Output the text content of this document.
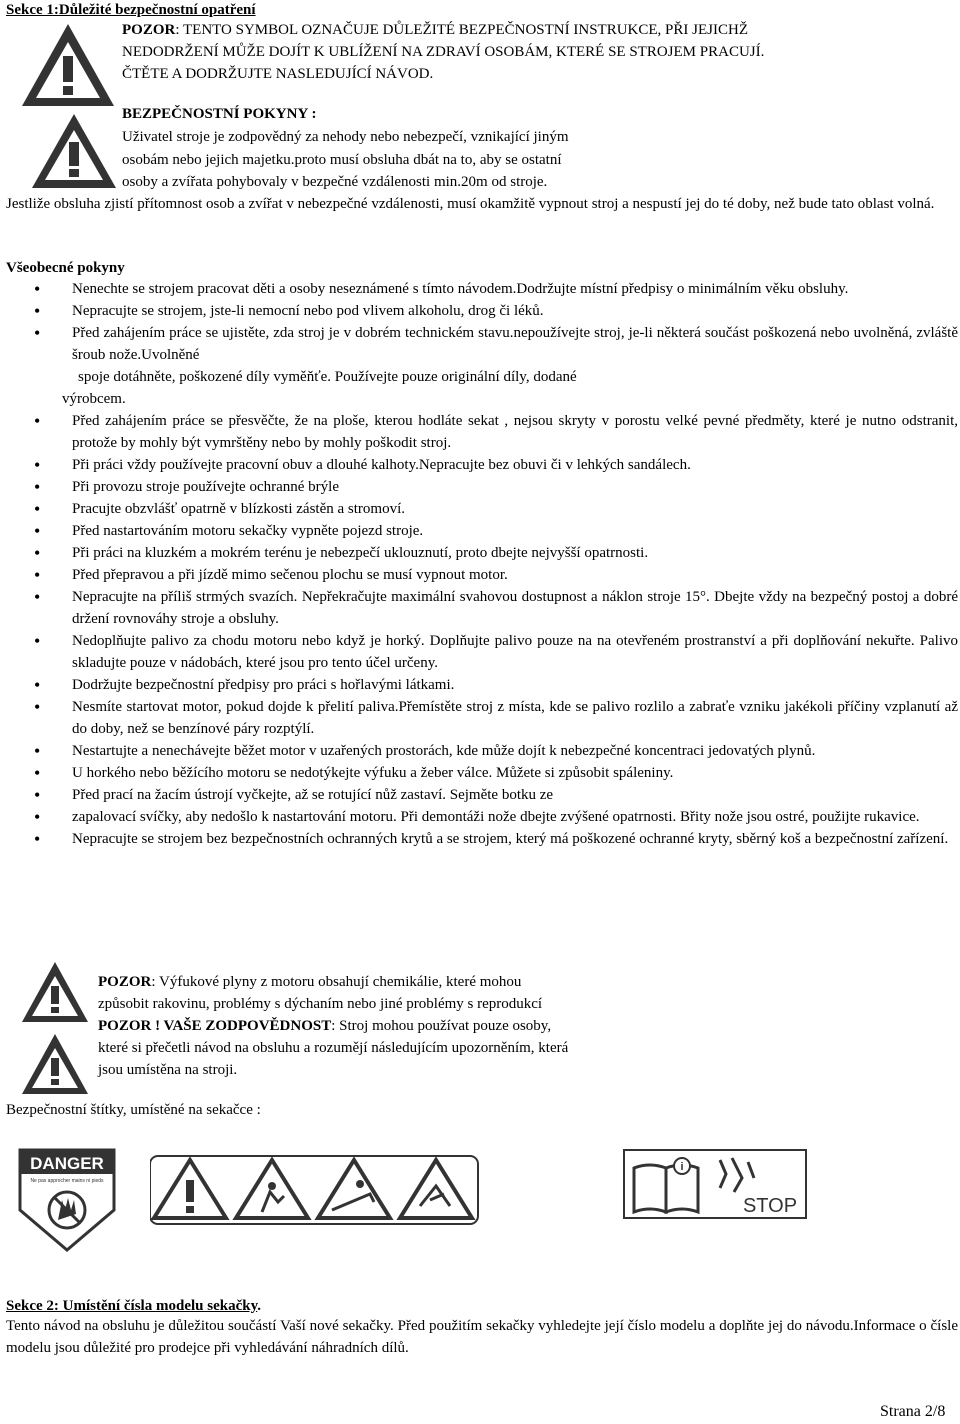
Sekce 1:Důležité bezpečnostní opatření
POZOR: TENTO SYMBOL OZNAČUJE DŮLEŽITÉ BEZPEČNOSTNÍ INSTRUKCE, PŘI JEJICHŽ
NEDODRŽENÍ MŮŽE DOJÍT K UBLÍŽENÍ NA ZDRAVÍ OSOBÁM, KTERÉ SE STROJEM PRACUJÍ.
ČTĚTE A DODRŽUJTE NASLEDUJÍCÍ NÁVOD.
BEZPEČNOSTNÍ POKYNY :
Uživatel stroje je zodpovědný za nehody nebo nebezpečí, vznikající jiným
osobám nebo jejich majetku.proto musí obsluha dbát na to, aby se ostatní
osoby a zvířata pohybovaly v bezpečné vzdálenosti min.20m od stroje.
Jestliže obsluha zjistí přítomnost osob a zvířat v nebezpečné vzdálenosti, musí okamžitě vypnout stroj a nespustí jej do té doby, než bude tato oblast volná.
Všeobecné pokyny
• Nenechte se strojem pracovat děti a osoby neseznámené s tímto návodem.Dodržujte místní předpisy o minimálním věku obsluhy.
• Nepracujte se strojem, jste-li nemocní nebo pod vlivem alkoholu, drog či léků.
• Před zahájením práce se ujistěte, zda stroj je v dobrém technickém stavu.nepoužívejte stroj, je-li některá součást poškozená nebo uvolněná, zvláště šroub nože.Uvolněné
spoje dotáhněte, poškozené díly vyměňťe. Používejte pouze originální díly, dodané
výrobcem.
• Před zahájením práce se přesvěčte, že na ploše, kterou hodláte sekat , nejsou skryty v porostu velké pevné předměty, které je nutno odstranit, protože by mohly být vymrštěny nebo by mohly poškodit stroj.
• Při práci vždy používejte pracovní obuv a dlouhé kalhoty.Nepracujte bez obuvi či v lehkých sandálech.
• Při provozu stroje používejte ochranné brýle
• Pracujte obzvlášť opatrně v blízkosti zástěn a stromoví.
• Před nastartováním motoru sekačky vypněte pojezd stroje.
• Při práci na kluzkém a mokrém terénu je nebezpečí uklouznutí, proto dbejte nejvyšší opatrnosti.
• Před přepravou a při jízdě mimo sečenou plochu se musí vypnout motor.
• Nepracujte na příliš strmých svazích. Nepřekračujte maximální svahovou dostupnost a náklon stroje 15°. Dbejte vždy na bezpečný postoj a dobré držení rovnováhy stroje a obsluhy.
• Nedoplňujte palivo za chodu motoru nebo když je horký. Doplňujte palivo pouze na na otevřeném prostranství a při doplňování nekuřte. Palivo skladujte pouze v nádobách, které jsou pro tento účel určeny.
• Dodržujte bezpečnostní předpisy pro práci s hořlavými látkami.
• Nesmíte startovat motor, pokud dojde k přelití paliva.Přemístěte stroj z místa, kde se palivo rozlilo a zabraťe vzniku jakékoli příčiny vzplanutí až do doby, než se benzínové páry rozptýlí.
• Nestartujte a nenechávejte běžet motor v uzařených prostorách, kde může dojít k nebezpečné koncentraci jedovatých plynů.
• U horkého nebo běžícího motoru se nedotýkejte výfuku a žeber válce. Můžete si způsobit spáleniny.
• Před prací na žacím ústrojí vyčkejte, až se rotující nůž zastaví. Sejměte botku ze
• zapalovací svíčky, aby nedošlo k nastartování motoru. Při demontáži nože dbejte zvýšené opatrnosti. Břity nože jsou ostré, použijte rukavice.
• Nepracujte se strojem bez bezpečnostních ochranných krytů a se strojem, který má poškozené ochranné kryty, sběrný koš a bezpečnostní zařízení.
POZOR: Výfukové plyny z motoru obsahují chemikálie, které mohou
způsobit rakovinu, problémy s dýchaním nebo jiné problémy s reprodukcí
POZOR ! VAŠE ZODPOVĚDNOST: Stroj mohou používat pouze osoby,
které si přečetli návod na obsluhu a rozumějí následujícím upozorněním, která
jsou umístěna na stroji.
Bezpečnostní štítky, umístěné na sekačce :
DANGER
Ne pas approcher mains ni pieds
i
STOP
Sekce 2: Umístění čísla modelu sekačky.
Tento návod na obsluhu je důležitou součástí Vaší nové sekačky. Před použitím sekačky vyhledejte její číslo modelu a doplňte jej do návodu.Informace o čísle modelu jsou důležité pro prodejce při vyhledávání náhradních dílů.
Strana 2/8
